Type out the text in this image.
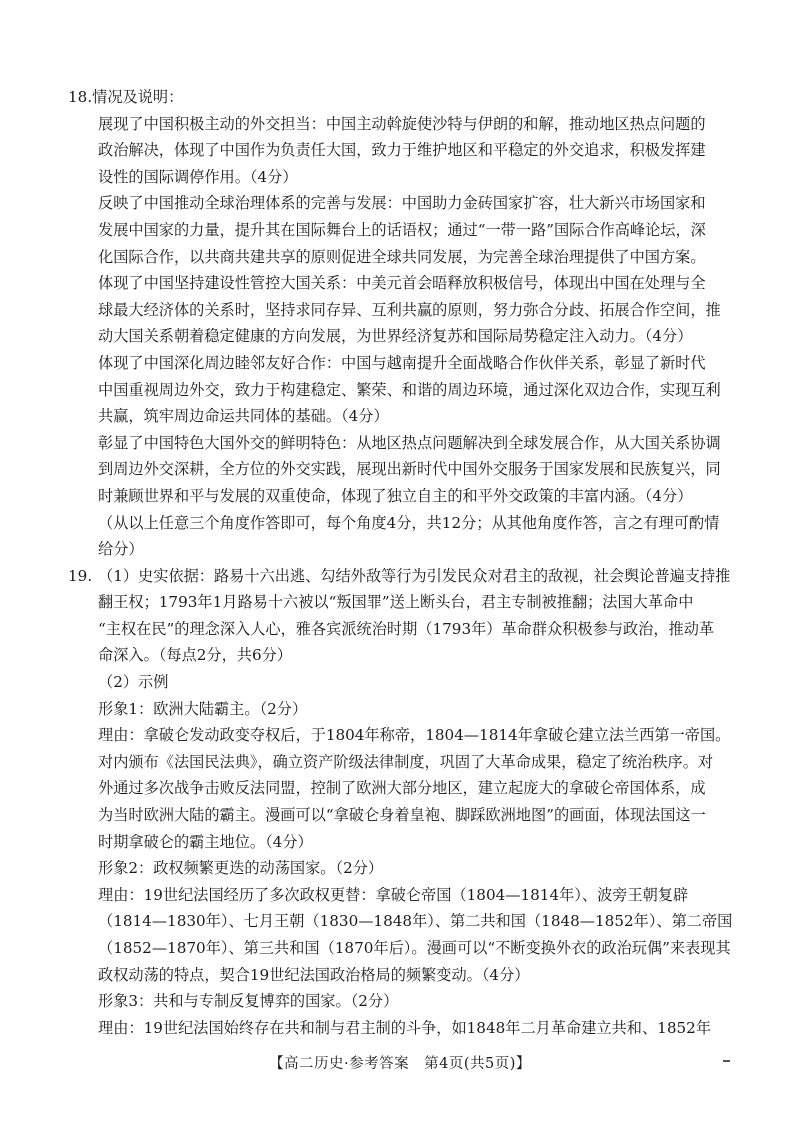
18.情况及说明：
展现了中国积极主动的外交担当：中国主动斡旋使沙特与伊朗的和解，推动地区热点问题的
政治解决，体现了中国作为负责任大国，致力于维护地区和平稳定的外交追求，积极发挥建
设性的国际调停作用。（4分）
反映了中国推动全球治理体系的完善与发展：中国助力金砖国家扩容，壮大新兴市场国家和
发展中国家的力量，提升其在国际舞台上的话语权；通过“一带一路”国际合作高峰论坛，深
化国际合作，以共商共建共享的原则促进全球共同发展，为完善全球治理提供了中国方案。
体现了中国坚持建设性管控大国关系：中美元首会晤释放积极信号，体现出中国在处理与全
球最大经济体的关系时，坚持求同存异、互利共赢的原则，努力弥合分歧、拓展合作空间，推
动大国关系朝着稳定健康的方向发展，为世界经济复苏和国际局势稳定注入动力。（4分）
体现了中国深化周边睦邻友好合作：中国与越南提升全面战略合作伙伴关系，彰显了新时代
中国重视周边外交，致力于构建稳定、繁荣、和谐的周边环境，通过深化双边合作，实现互利
共赢，筑牢周边命运共同体的基础。（4分）
彰显了中国特色大国外交的鲜明特色：从地区热点问题解决到全球发展合作，从大国关系协调
到周边外交深耕，全方位的外交实践，展现出新时代中国外交服务于国家发展和民族复兴，同
时兼顾世界和平与发展的双重使命，体现了独立自主的和平外交政策的丰富内涵。（4分）
（从以上任意三个角度作答即可，每个角度4分，共12分；从其他角度作答，言之有理可酌情
给分）
19. （1）史实依据：路易十六出逃、勾结外敌等行为引发民众对君主的敌视，社会舆论普遍支持推
翻王权；1793年1月路易十六被以“叛国罪”送上断头台，君主专制被推翻；法国大革命中
“主权在民”的理念深入人心，雅各宾派统治时期（1793年）革命群众积极参与政治，推动革
命深入。（每点2分，共6分）
（2）示例
形象1：欧洲大陆霸主。（2分）
理由：拿破仑发动政变夺权后，于1804年称帝，1804—1814年拿破仑建立法兰西第一帝国。
对内颁布《法国民法典》，确立资产阶级法律制度，巩固了大革命成果，稳定了统治秩序。对
外通过多次战争击败反法同盟，控制了欧洲大部分地区，建立起庞大的拿破仑帝国体系，成
为当时欧洲大陆的霸主。漫画可以“拿破仑身着皇袍、脚踩欧洲地图”的画面，体现法国这一
时期拿破仑的霸主地位。（4分）
形象2：政权频繁更迭的动荡国家。（2分）
理由：19世纪法国经历了多次政权更替：拿破仑帝国（1804—1814年）、波旁王朝复辟
（1814—1830年）、七月王朝（1830—1848年）、第二共和国（1848—1852年）、第二帝国
（1852—1870年）、第三共和国（1870年后）。漫画可以“不断变换外衣的政治玩偶”来表现其
政权动荡的特点，契合19世纪法国政治格局的频繁变动。（4分）
形象3：共和与专制反复博弈的国家。（2分）
理由：19世纪法国始终存在共和制与君主制的斗争，如1848年二月革命建立共和、1852年
【高二历史·参考答案　第4页(共5页)】
